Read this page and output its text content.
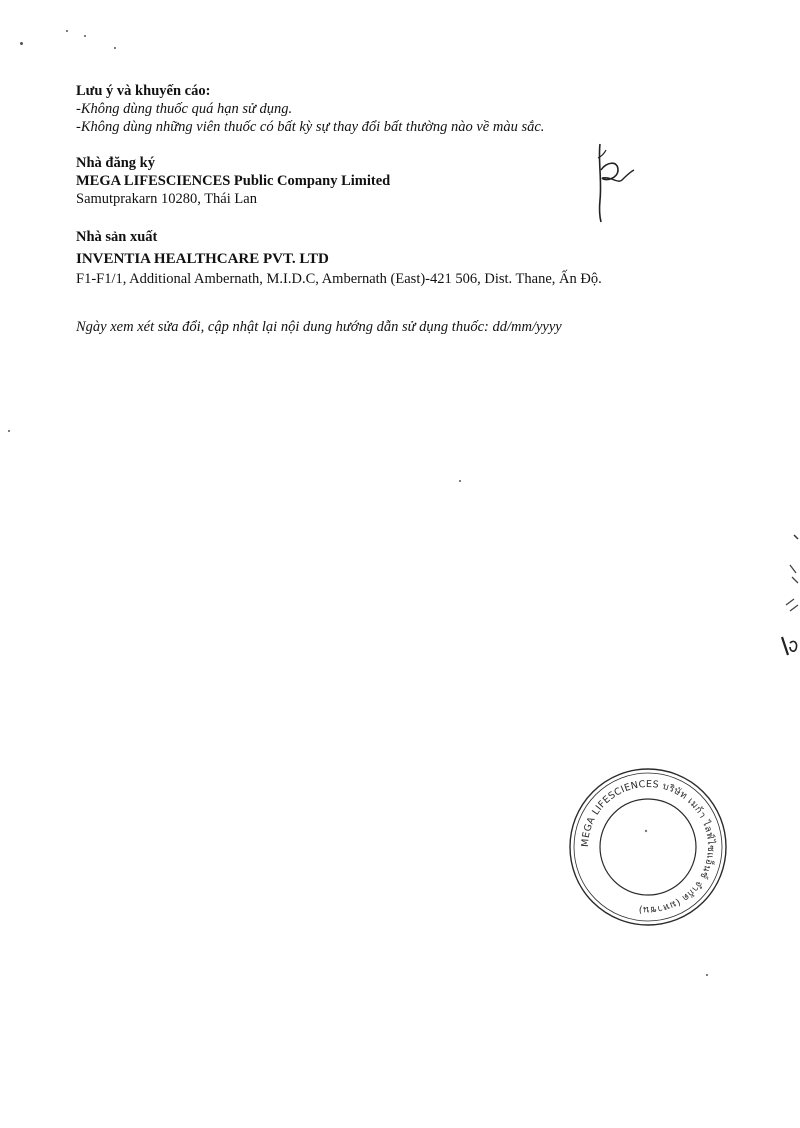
Lưu ý và khuyến cáo:
-Không dùng thuốc quá hạn sử dụng.
-Không dùng những viên thuốc có bất kỳ sự thay đổi bất thường nào về màu sắc.
Nhà đăng ký
MEGA LIFESCIENCES Public Company Limited
Samutprakarn 10280, Thái Lan
Nhà sản xuất
INVENTIA HEALTHCARE PVT. LTD
F1-F1/1, Additional Ambernath, M.I.D.C, Ambernath (East)-421 506, Dist. Thane, Ấn Độ.
Ngày xem xét sửa đổi, cập nhật lại nội dung hướng dẫn sử dụng thuốc: dd/mm/yyyy
MEGA LIFESCIENCES บริษัท เมก้า ไลฟ์ไซแอ็นซ์ จำกัด (มหาชน)
